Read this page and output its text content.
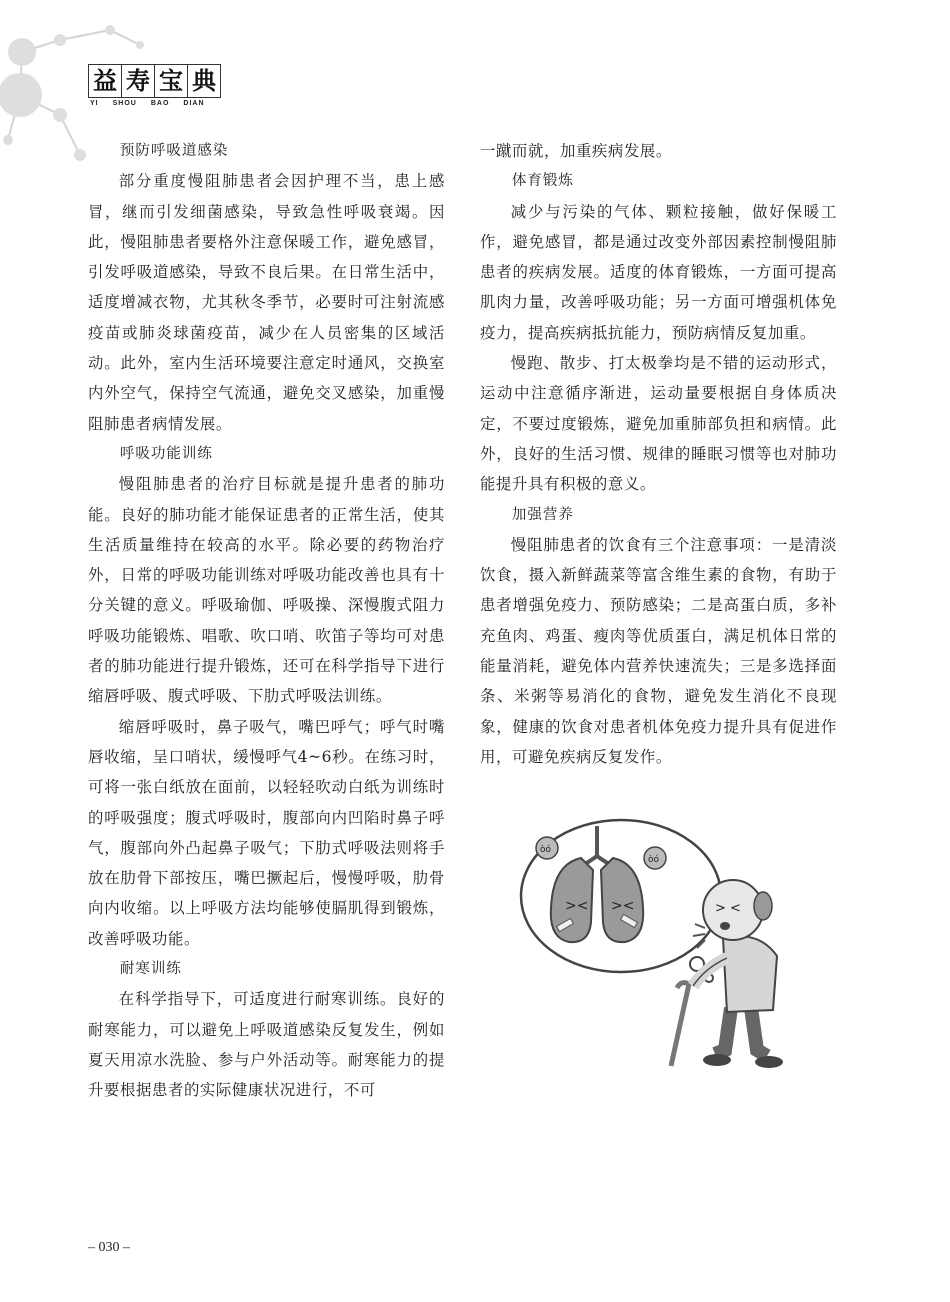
益 寿 宝 典
YI SHOU BAO DIAN
预防呼吸道感染

部分重度慢阻肺患者会因护理不当，患上感冒，继而引发细菌感染，导致急性呼吸衰竭。因此，慢阻肺患者要格外注意保暖工作，避免感冒，引发呼吸道感染，导致不良后果。在日常生活中，适度增减衣物，尤其秋冬季节，必要时可注射流感疫苗或肺炎球菌疫苗，减少在人员密集的区域活动。此外，室内生活环境要注意定时通风，交换室内外空气，保持空气流通，避免交叉感染，加重慢阻肺患者病情发展。

呼吸功能训练

慢阻肺患者的治疗目标就是提升患者的肺功能。良好的肺功能才能保证患者的正常生活，使其生活质量维持在较高的水平。除必要的药物治疗外，日常的呼吸功能训练对呼吸功能改善也具有十分关键的意义。呼吸瑜伽、呼吸操、深慢腹式阻力呼吸功能锻炼、唱歌、吹口哨、吹笛子等均可对患者的肺功能进行提升锻炼，还可在科学指导下进行缩唇呼吸、腹式呼吸、下肋式呼吸法训练。

缩唇呼吸时，鼻子吸气，嘴巴呼气；呼气时嘴唇收缩，呈口哨状，缓慢呼气4~6秒。在练习时，可将一张白纸放在面前，以轻轻吹动白纸为训练时的呼吸强度；腹式呼吸时，腹部向内凹陷时鼻子呼气，腹部向外凸起鼻子吸气；下肋式呼吸法则将手放在肋骨下部按压，嘴巴撅起后，慢慢呼吸，肋骨向内收缩。以上呼吸方法均能够使膈肌得到锻炼，改善呼吸功能。

耐寒训练

在科学指导下，可适度进行耐寒训练。良好的耐寒能力，可以避免上呼吸道感染反复发生，例如夏天用凉水洗脸、参与户外活动等。耐寒能力的提升要根据患者的实际健康状况进行，不可

一蹴而就，加重疾病发展。

体育锻炼

减少与污染的气体、颗粒接触，做好保暖工作，避免感冒，都是通过改变外部因素控制慢阻肺患者的疾病发展。适度的体育锻炼，一方面可提高肌肉力量，改善呼吸功能；另一方面可增强机体免疫力，提高疾病抵抗能力，预防病情反复加重。

慢跑、散步、打太极拳均是不错的运动形式，运动中注意循序渐进，运动量要根据自身体质决定，不要过度锻炼，避免加重肺部负担和病情。此外，良好的生活习惯、规律的睡眠习惯等也对肺功能提升具有积极的意义。

加强营养

慢阻肺患者的饮食有三个注意事项：一是清淡饮食，摄入新鲜蔬菜等富含维生素的食物，有助于患者增强免疫力、预防感染；二是高蛋白质，多补充鱼肉、鸡蛋、瘦肉等优质蛋白，满足机体日常的能量消耗，避免体内营养快速流失；三是多选择面条、米粥等易消化的食物，避免发生消化不良现象，健康的饮食对患者机体免疫力提升具有促进作用，可避免疾病反复发作。

>< ><
òó
òó
> <
– 030 –
